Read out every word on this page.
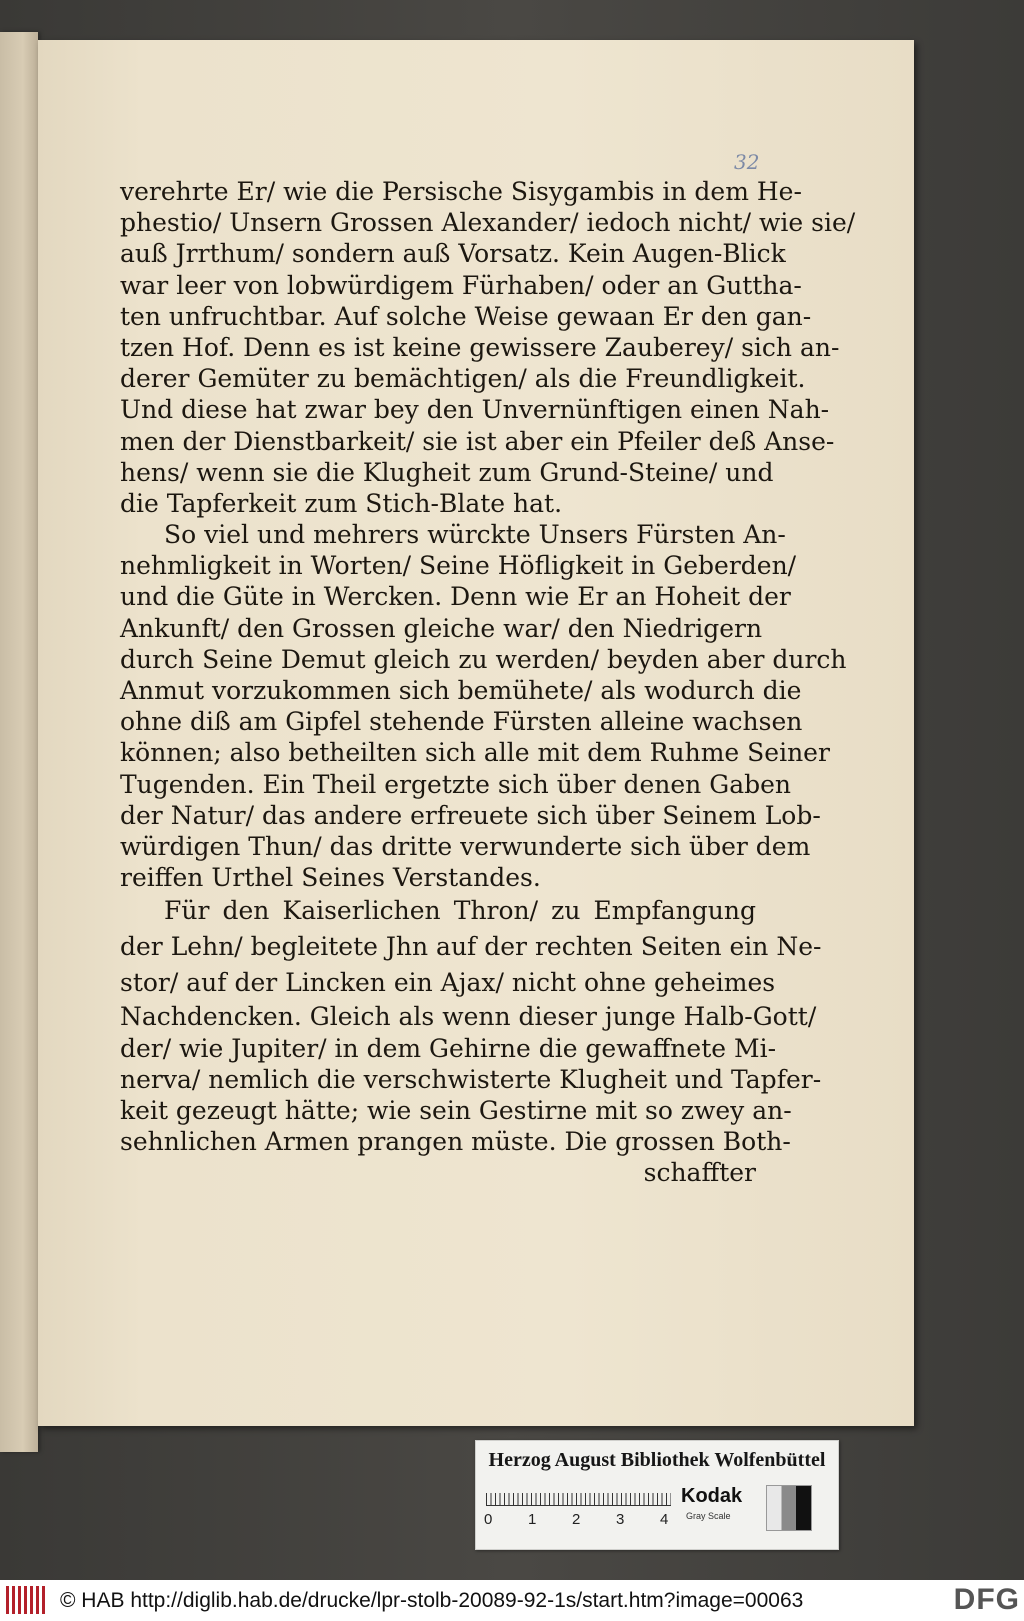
32
verehrte Er/ wie die Persische Sisygambis in dem He-
phestio/ Unsern Grossen Alexander/ iedoch nicht/ wie sie/
auß Jrrthum/ sondern auß Vorsatz. Kein Augen-Blick
war leer von lobwürdigem Fürhaben/ oder an Guttha-
ten unfruchtbar. Auf solche Weise gewaan Er den gan-
tzen Hof. Denn es ist keine gewissere Zauberey/ sich an-
derer Gemüter zu bemächtigen/ als die Freundligkeit.
Und diese hat zwar bey den Unvernünftigen einen Nah-
men der Dienstbarkeit/ sie ist aber ein Pfeiler deß Anse-
hens/ wenn sie die Klugheit zum Grund-Steine/ und
die Tapferkeit zum Stich-Blate hat.
So viel und mehrers würckte Unsers Fürsten An-
nehmligkeit in Worten/ Seine Höfligkeit in Geberden/
und die Güte in Wercken. Denn wie Er an Hoheit der
Ankunft/ den Grossen gleiche war/ den Niedrigern
durch Seine Demut gleich zu werden/ beyden aber durch
Anmut vorzukommen sich bemühete/ als wodurch die
ohne diß am Gipfel stehende Fürsten alleine wachsen
können; also betheilten sich alle mit dem Ruhme Seiner
Tugenden. Ein Theil ergetzte sich über denen Gaben
der Natur/ das andere erfreuete sich über Seinem Lob-
würdigen Thun/ das dritte verwunderte sich über dem
reiffen Urthel Seines Verstandes.
Für den Kaiserlichen Thron/ zu Empfangung
der Lehn/ begleitete Jhn auf der rechten Seiten ein Ne-
stor/ auf der Lincken ein Ajax/ nicht ohne geheimes
Nachdencken. Gleich als wenn dieser junge Halb-Gott/
der/ wie Jupiter/ in dem Gehirne die gewaffnete Mi-
nerva/ nemlich die verschwisterte Klugheit und Tapfer-
keit gezeugt hätte; wie sein Gestirne mit so zwey an-
sehnlichen Armen prangen müste. Die grossen Both-
schaffter
Herzog August Bibliothek Wolfenbüttel
0 1 2 3 4
Kodak
Gray Scale
© HAB http://diglib.hab.de/drucke/lpr-stolb-20089-92-1s/start.htm?image=00063	DFG
